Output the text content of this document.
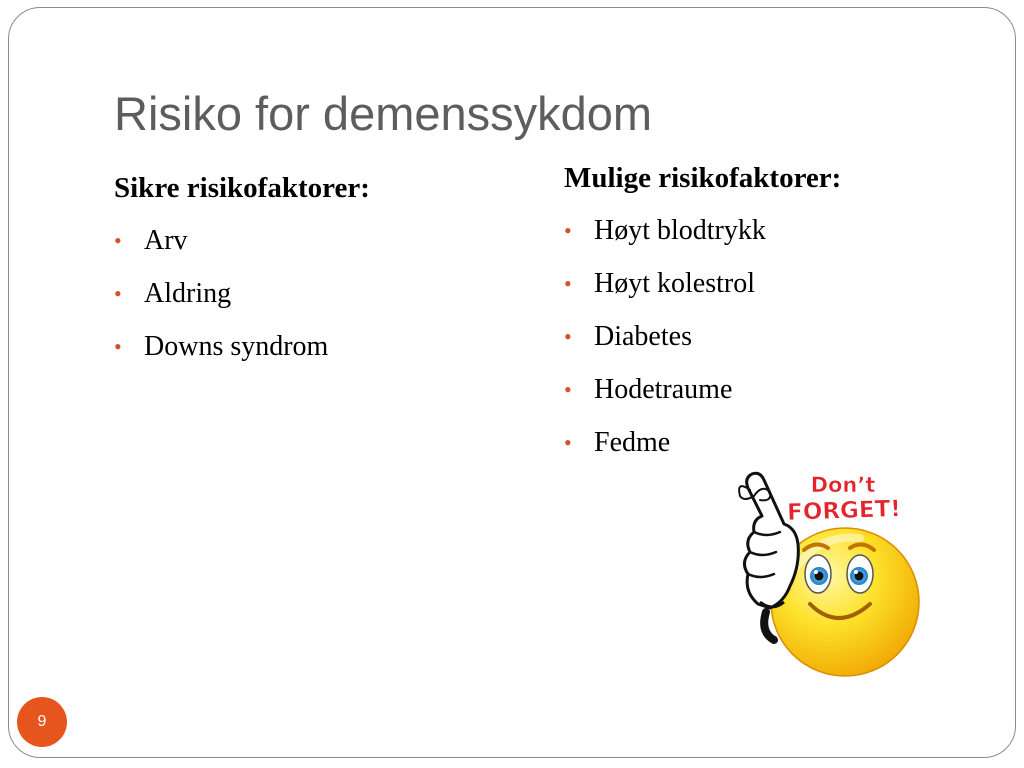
Risiko for demenssykdom

Sikre risikofaktorer:

• Arv
• Aldring
• Downs syndrom

Mulige risikofaktorer:

• Høyt blodtrykk
• Høyt kolestrol
• Diabetes
• Hodetraume
• Fedme
Don’t
FORGET!
9
